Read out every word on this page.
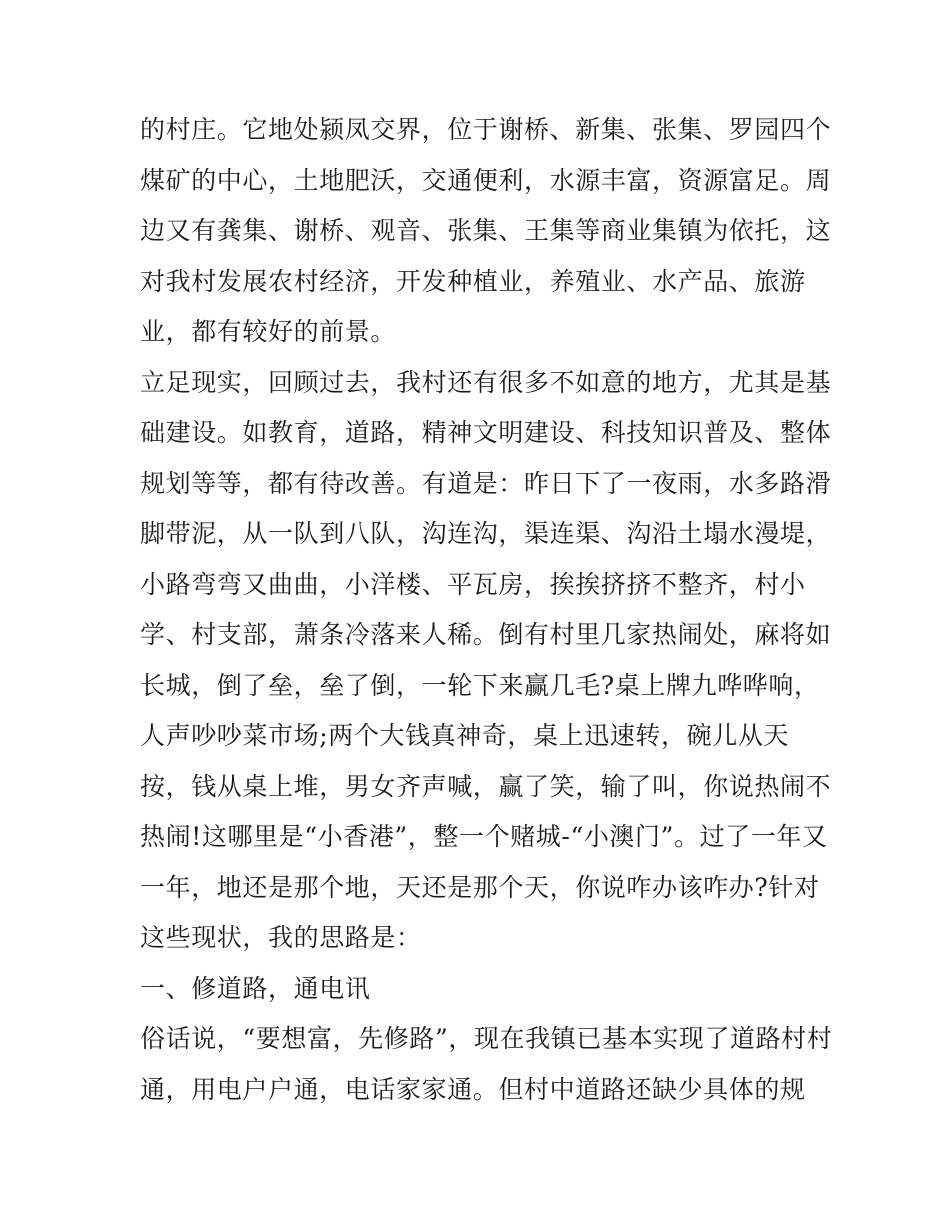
的村庄。它地处颍凤交界，位于谢桥、新集、张集、罗园四个
煤矿的中心，土地肥沃，交通便利，水源丰富，资源富足。周
边又有龚集、谢桥、观音、张集、王集等商业集镇为依托，这
对我村发展农村经济，开发种植业，养殖业、水产品、旅游
业，都有较好的前景。
立足现实，回顾过去，我村还有很多不如意的地方，尤其是基
础建设。如教育，道路，精神文明建设、科技知识普及、整体
规划等等，都有待改善。有道是：昨日下了一夜雨，水多路滑
脚带泥，从一队到八队，沟连沟，渠连渠、沟沿土塌水漫堤，
小路弯弯又曲曲，小洋楼、平瓦房，挨挨挤挤不整齐，村小
学、村支部，萧条冷落来人稀。倒有村里几家热闹处，麻将如
长城，倒了垒，垒了倒，一轮下来赢几毛?桌上牌九哗哗响，
人声吵吵菜市场;两个大钱真神奇，桌上迅速转，碗儿从天
按，钱从桌上堆，男女齐声喊，赢了笑，输了叫，你说热闹不
热闹!这哪里是“小香港”，整一个赌城-“小澳门”。过了一年又
一年，地还是那个地，天还是那个天，你说咋办该咋办?针对
这些现状，我的思路是：
一、修道路，通电讯
俗话说，“要想富，先修路”，现在我镇已基本实现了道路村村
通，用电户户通，电话家家通。但村中道路还缺少具体的规
